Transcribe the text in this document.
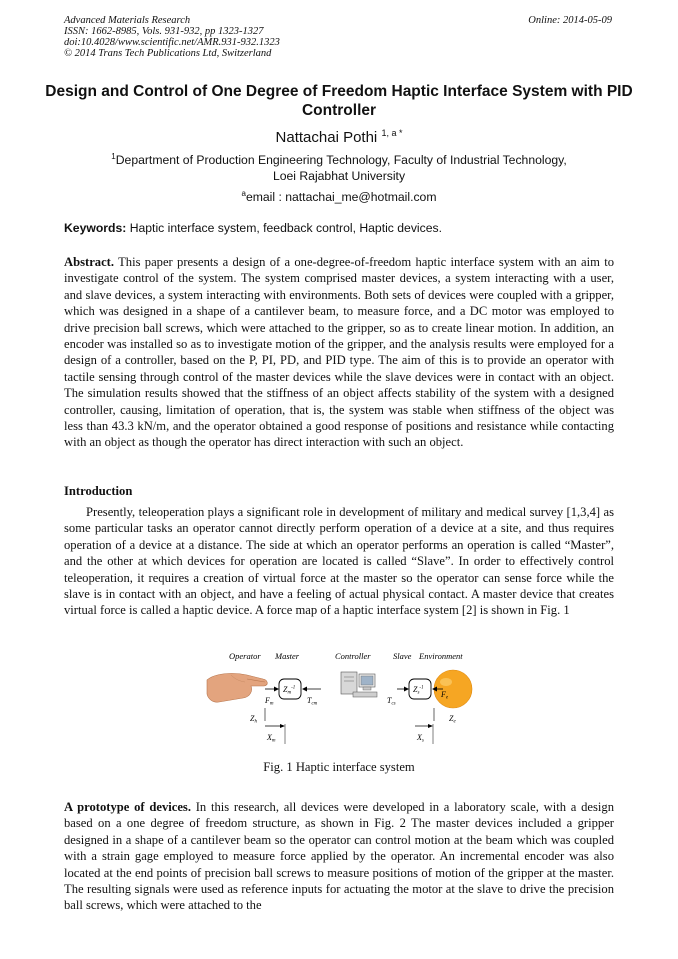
Advanced Materials Research
ISSN: 1662-8985, Vols. 931-932, pp 1323-1327
doi:10.4028/www.scientific.net/AMR.931-932.1323
© 2014 Trans Tech Publications Ltd, Switzerland
Online: 2014-05-09
Design and Control of One Degree of Freedom Haptic Interface System with PID Controller
Nattachai Pothi $^{1, a *}$
$^1$Department of Production Engineering Technology, Faculty of Industrial Technology,
Loei Rajabhat University
$^a$email : nattachai_me@hotmail.com
Keywords: Haptic interface system, feedback control, Haptic devices.
Abstract. This paper presents a design of a one-degree-of-freedom haptic interface system with an aim to investigate control of the system. The system comprised master devices, a system interacting with a user, and slave devices, a system interacting with environments. Both sets of devices were coupled with a gripper, which was designed in a shape of a cantilever beam, to measure force, and a DC motor was employed to drive precision ball screws, which were attached to the gripper, so as to create linear motion. In addition, an encoder was installed so as to investigate motion of the gripper, and the analysis results were employed for a design of a controller, based on the P, PI, PD, and PID type. The aim of this is to provide an operator with tactile sensing through control of the master devices while the slave devices were in contact with an object. The simulation results showed that the stiffness of an object affects stability of the system with a designed controller, causing, limitation of operation, that is, the system was stable when stiffness of the object was less than 43.3 kN/m, and the operator obtained a good response of positions and resistance while contacting with an object as though the operator has direct interaction with such an object.
Introduction
Presently, teleoperation plays a significant role in development of military and medical survey [1,3,4] as some particular tasks an operator cannot directly perform operation of a device at a site, and thus requires operation of a device at a distance. The side at which an operator performs an operation is called “Master”, and the other at which devices for operation are located is called “Slave”. In order to effectively control teleoperation, it requires a creation of virtual force at the master so the operator can sense force while the slave is in contact with an object, and have a feeling of actual physical contact. A master device that creates virtual force is called a haptic device. A force map of a haptic interface system [2] is shown in Fig. 1
Operator Master	Controller	Slave Environment
$Zm^{-1}$
Fm	Tcm
Zh
Xm
Tcs
$Zs^{-1}$
Fe
Ze
Xs
Fig. 1 Haptic interface system
A prototype of devices. In this research, all devices were developed in a laboratory scale, with a design based on a one degree of freedom structure, as shown in Fig. 2 The master devices included a gripper designed in a shape of a cantilever beam so the operator can control motion at the beam which was coupled with a strain gage employed to measure force applied by the operator. An incremental encoder was also located at the end points of precision ball screws to measure positions of motion of the gripper at the master. The resulting signals were used as reference inputs for actuating the motor at the slave to drive the precision ball screws, which were attached to the
